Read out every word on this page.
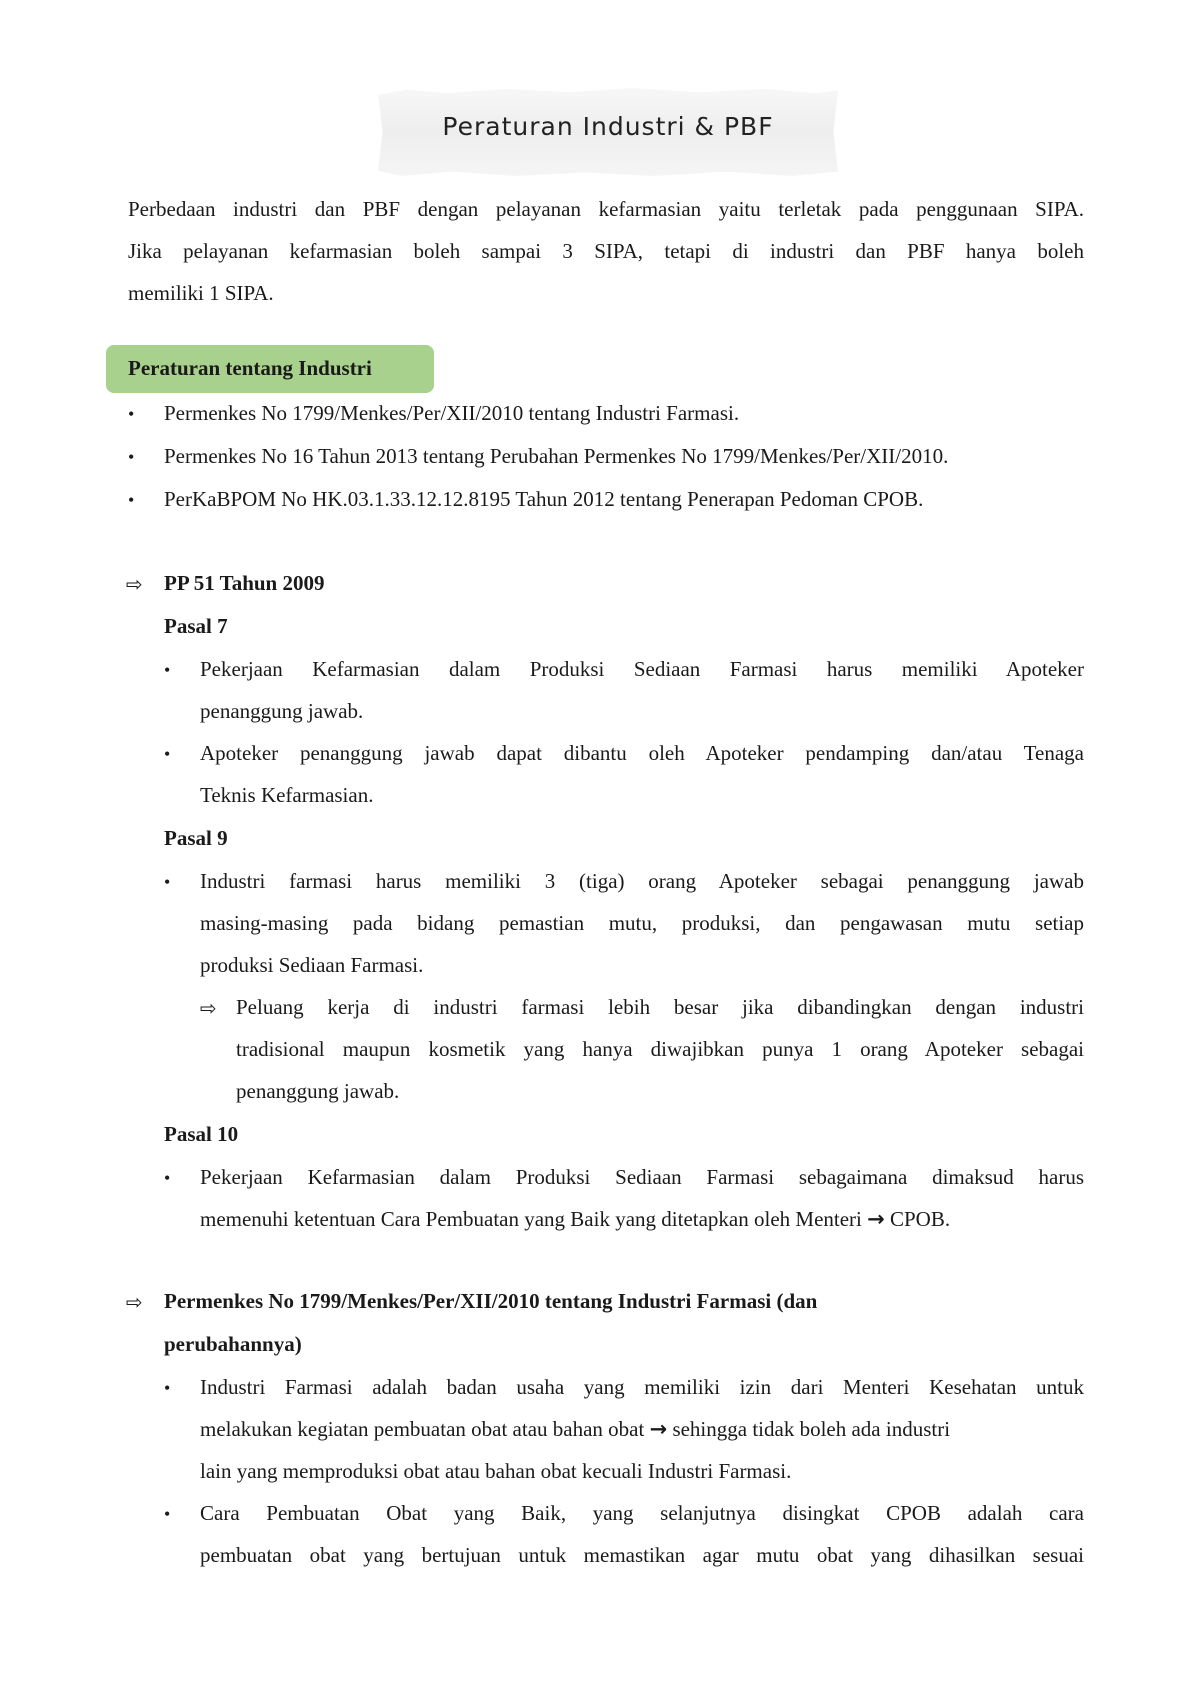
Peraturan Industri & PBF
Perbedaan industri dan PBF dengan pelayanan kefarmasian yaitu terletak pada penggunaan SIPA.
Jika pelayanan kefarmasian boleh sampai 3 SIPA, tetapi di industri dan PBF hanya boleh
memiliki 1 SIPA.
Peraturan tentang Industri
• Permenkes No 1799/Menkes/Per/XII/2010 tentang Industri Farmasi.
• Permenkes No 16 Tahun 2013 tentang Perubahan Permenkes No 1799/Menkes/Per/XII/2010.
• PerKaBPOM No HK.03.1.33.12.12.8195 Tahun 2012 tentang Penerapan Pedoman CPOB.
⇨ PP 51 Tahun 2009
Pasal 7
• Pekerjaan Kefarmasian dalam Produksi Sediaan Farmasi harus memiliki Apoteker
penanggung jawab.
• Apoteker penanggung jawab dapat dibantu oleh Apoteker pendamping dan/atau Tenaga
Teknis Kefarmasian.
Pasal 9
• Industri farmasi harus memiliki 3 (tiga) orang Apoteker sebagai penanggung jawab
masing-masing pada bidang pemastian mutu, produksi, dan pengawasan mutu setiap
produksi Sediaan Farmasi.
⇨ Peluang kerja di industri farmasi lebih besar jika dibandingkan dengan industri
tradisional maupun kosmetik yang hanya diwajibkan punya 1 orang Apoteker sebagai
penanggung jawab.
Pasal 10
• Pekerjaan Kefarmasian dalam Produksi Sediaan Farmasi sebagaimana dimaksud harus
memenuhi ketentuan Cara Pembuatan yang Baik yang ditetapkan oleh Menteri → CPOB.
⇨ Permenkes No 1799/Menkes/Per/XII/2010 tentang Industri Farmasi (dan
perubahannya)
• Industri Farmasi adalah badan usaha yang memiliki izin dari Menteri Kesehatan untuk
melakukan kegiatan pembuatan obat atau bahan obat → sehingga tidak boleh ada industri
lain yang memproduksi obat atau bahan obat kecuali Industri Farmasi.
• Cara Pembuatan Obat yang Baik, yang selanjutnya disingkat CPOB adalah cara
pembuatan obat yang bertujuan untuk memastikan agar mutu obat yang dihasilkan sesuai
